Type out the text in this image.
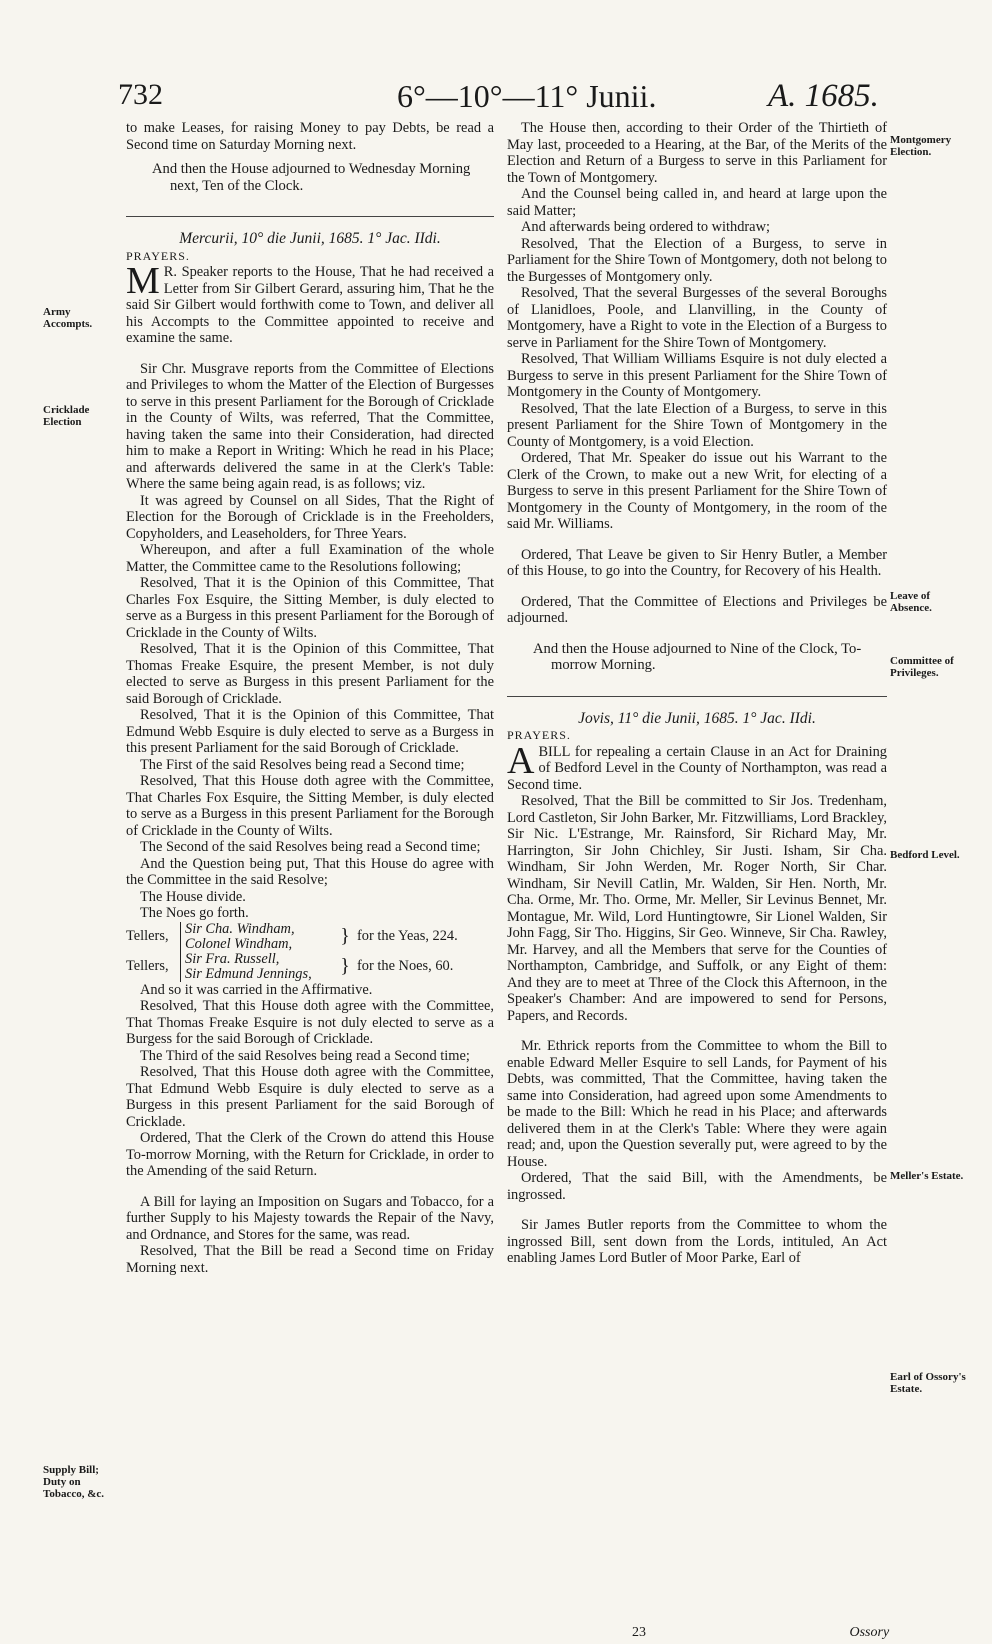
732	6°—10°—11° Junii.	A. 1685.
Army Accompts.
Cricklade Election
Supply Bill; Duty on Tobacco, &c.
Montgomery Election.
Leave of Absence.
Committee of Privileges.
Bedford Level.
Meller's Estate.
Earl of Ossory's Estate.

to make Leases, for raising Money to pay Debts, be read a Second time on Saturday Morning next.

And then the House adjourned to Wednesday Morning next, Ten of the Clock.

Mercurii, 10° die Junii, 1685. 1° Jac. IIdi.

PRAYERS.

M R. Speaker reports to the House, That he had received a Letter from Sir Gilbert Gerard, assuring him, That he the said Sir Gilbert would forthwith come to Town, and deliver all his Accompts to the Committee appointed to receive and examine the same.

Sir Chr. Musgrave reports from the Committee of Elections and Privileges to whom the Matter of the Election of Burgesses to serve in this present Parliament for the Borough of Cricklade in the County of Wilts, was referred, That the Committee, having taken the same into their Consideration, had directed him to make a Report in Writing: Which he read in his Place; and afterwards delivered the same in at the Clerk's Table: Where the same being again read, is as follows; viz.

It was agreed by Counsel on all Sides, That the Right of Election for the Borough of Cricklade is in the Freeholders, Copyholders, and Leaseholders, for Three Years.

Whereupon, and after a full Examination of the whole Matter, the Committee came to the Resolutions following;

Resolved, That it is the Opinion of this Committee, That Charles Fox Esquire, the Sitting Member, is duly elected to serve as a Burgess in this present Parliament for the Borough of Cricklade in the County of Wilts.

Resolved, That it is the Opinion of this Committee, That Thomas Freake Esquire, the present Member, is not duly elected to serve as Burgess in this present Parliament for the said Borough of Cricklade.

Resolved, That it is the Opinion of this Committee, That Edmund Webb Esquire is duly elected to serve as a Burgess in this present Parliament for the said Borough of Cricklade.

The First of the said Resolves being read a Second time;

Resolved, That this House doth agree with the Committee, That Charles Fox Esquire, the Sitting Member, is duly elected to serve as a Burgess in this present Parliament for the Borough of Cricklade in the County of Wilts.

The Second of the said Resolves being read a Second time;

And the Question being put, That this House do agree with the Committee in the said Resolve;

The House divide.

The Noes go forth.

Tellers,	Sir Cha. Windham,
Colonel Windham,	} for the Yeas, 224.
Tellers,	Sir Fra. Russell,
Sir Edmund Jennings,	} for the Noes, 60.

And so it was carried in the Affirmative.

Resolved, That this House doth agree with the Committee, That Thomas Freake Esquire is not duly elected to serve as a Burgess for the said Borough of Cricklade.

The Third of the said Resolves being read a Second time;

Resolved, That this House doth agree with the Committee, That Edmund Webb Esquire is duly elected to serve as a Burgess in this present Parliament for the said Borough of Cricklade.

Ordered, That the Clerk of the Crown do attend this House To-morrow Morning, with the Return for Cricklade, in order to the Amending of the said Return.

A Bill for laying an Imposition on Sugars and Tobacco, for a further Supply to his Majesty towards the Repair of the Navy, and Ordnance, and Stores for the same, was read.

Resolved, That the Bill be read a Second time on Friday Morning next.

The House then, according to their Order of the Thirtieth of May last, proceeded to a Hearing, at the Bar, of the Merits of the Election and Return of a Burgess to serve in this Parliament for the Town of Montgomery.

And the Counsel being called in, and heard at large upon the said Matter;

And afterwards being ordered to withdraw;

Resolved, That the Election of a Burgess, to serve in Parliament for the Shire Town of Montgomery, doth not belong to the Burgesses of Montgomery only.

Resolved, That the several Burgesses of the several Boroughs of Llanidloes, Poole, and Llanvilling, in the County of Montgomery, have a Right to vote in the Election of a Burgess to serve in Parliament for the Shire Town of Montgomery.

Resolved, That William Williams Esquire is not duly elected a Burgess to serve in this present Parliament for the Shire Town of Montgomery in the County of Montgomery.

Resolved, That the late Election of a Burgess, to serve in this present Parliament for the Shire Town of Montgomery in the County of Montgomery, is a void Election.

Ordered, That Mr. Speaker do issue out his Warrant to the Clerk of the Crown, to make out a new Writ, for electing of a Burgess to serve in this present Parliament for the Shire Town of Montgomery in the County of Montgomery, in the room of the said Mr. Williams.

Ordered, That Leave be given to Sir Henry Butler, a Member of this House, to go into the Country, for Recovery of his Health.

Ordered, That the Committee of Elections and Privileges be adjourned.

And then the House adjourned to Nine of the Clock, To-morrow Morning.

Jovis, 11° die Junii, 1685. 1° Jac. IIdi.

PRAYERS.

ABILL for repealing a certain Clause in an Act for Draining of Bedford Level in the County of Northampton, was read a Second time.

Resolved, That the Bill be committed to Sir Jos. Tredenham, Lord Castleton, Sir John Barker, Mr. Fitzwilliams, Lord Brackley, Sir Nic. L'Estrange, Mr. Rainsford, Sir Richard May, Mr. Harrington, Sir John Chichley, Sir Justi. Isham, Sir Cha. Windham, Sir John Werden, Mr. Roger North, Sir Char. Windham, Sir Nevill Catlin, Mr. Walden, Sir Hen. North, Mr. Cha. Orme, Mr. Tho. Orme, Mr. Meller, Sir Levinus Bennet, Mr. Montague, Mr. Wild, Lord Huntingtowre, Sir Lionel Walden, Sir John Fagg, Sir Tho. Higgins, Sir Geo. Winneve, Sir Cha. Rawley, Mr. Harvey, and all the Members that serve for the Counties of Northampton, Cambridge, and Suffolk, or any Eight of them: And they are to meet at Three of the Clock this Afternoon, in the Speaker's Chamber: And are impowered to send for Persons, Papers, and Records.

Mr. Ethrick reports from the Committee to whom the Bill to enable Edward Meller Esquire to sell Lands, for Payment of his Debts, was committed, That the Committee, having taken the same into Consideration, had agreed upon some Amendments to be made to the Bill: Which he read in his Place; and afterwards delivered them in at the Clerk's Table: Where they were again read; and, upon the Question severally put, were agreed to by the House.

Ordered, That the said Bill, with the Amendments, be ingrossed.

Sir James Butler reports from the Committee to whom the ingrossed Bill, sent down from the Lords, intituled, An Act enabling James Lord Butler of Moor Parke, Earl of

23	Ossory
